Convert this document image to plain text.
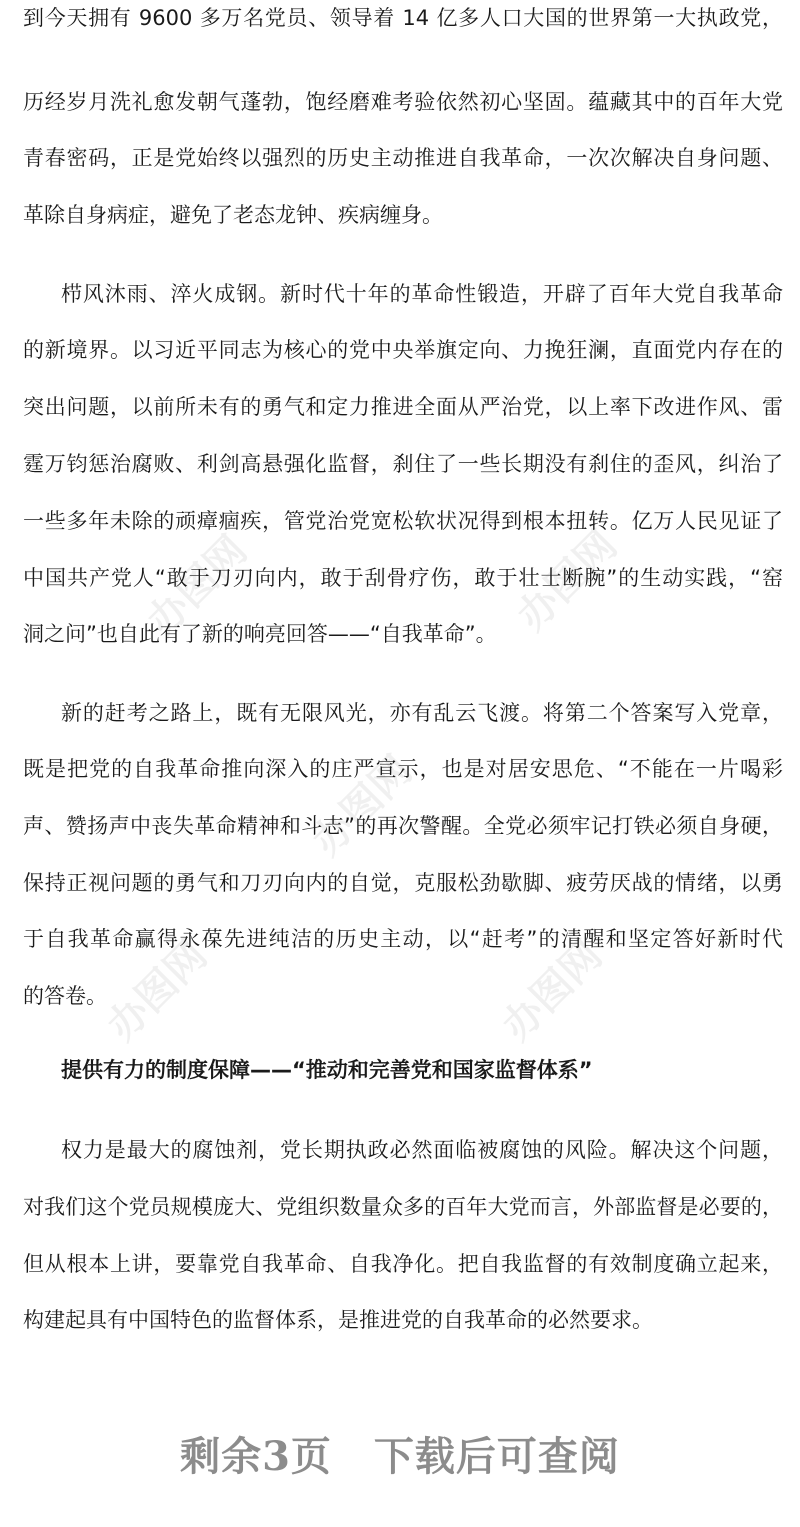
办图网	办图网
办图网
办图网	办图网
到今天拥有 9600 多万名党员、领导着 14 亿多人口大国的世界第一大执政党，
历经岁月洗礼愈发朝气蓬勃，饱经磨难考验依然初心坚固。蕴藏其中的百年大党
青春密码，正是党始终以强烈的历史主动推进自我革命，一次次解决自身问题、
革除自身病症，避免了老态龙钟、疾病缠身。
栉风沐雨、淬火成钢。新时代十年的革命性锻造，开辟了百年大党自我革命
的新境界。以习近平同志为核心的党中央举旗定向、力挽狂澜，直面党内存在的
突出问题，以前所未有的勇气和定力推进全面从严治党，以上率下改进作风、雷
霆万钧惩治腐败、利剑高悬强化监督，刹住了一些长期没有刹住的歪风，纠治了
一些多年未除的顽瘴痼疾，管党治党宽松软状况得到根本扭转。亿万人民见证了
中国共产党人“敢于刀刃向内，敢于刮骨疗伤，敢于壮士断腕”的生动实践，“窑
洞之问”也自此有了新的响亮回答——“自我革命”。
新的赶考之路上，既有无限风光，亦有乱云飞渡。将第二个答案写入党章，
既是把党的自我革命推向深入的庄严宣示，也是对居安思危、“不能在一片喝彩
声、赞扬声中丧失革命精神和斗志”的再次警醒。全党必须牢记打铁必须自身硬，
保持正视问题的勇气和刀刃向内的自觉，克服松劲歇脚、疲劳厌战的情绪，以勇
于自我革命赢得永葆先进纯洁的历史主动，以“赶考”的清醒和坚定答好新时代
的答卷。
提供有力的制度保障——“推动和完善党和国家监督体系”
权力是最大的腐蚀剂，党长期执政必然面临被腐蚀的风险。解决这个问题，
对我们这个党员规模庞大、党组织数量众多的百年大党而言，外部监督是必要的，
但从根本上讲，要靠党自我革命、自我净化。把自我监督的有效制度确立起来，
构建起具有中国特色的监督体系，是推进党的自我革命的必然要求。
剩余3页 下载后可查阅
